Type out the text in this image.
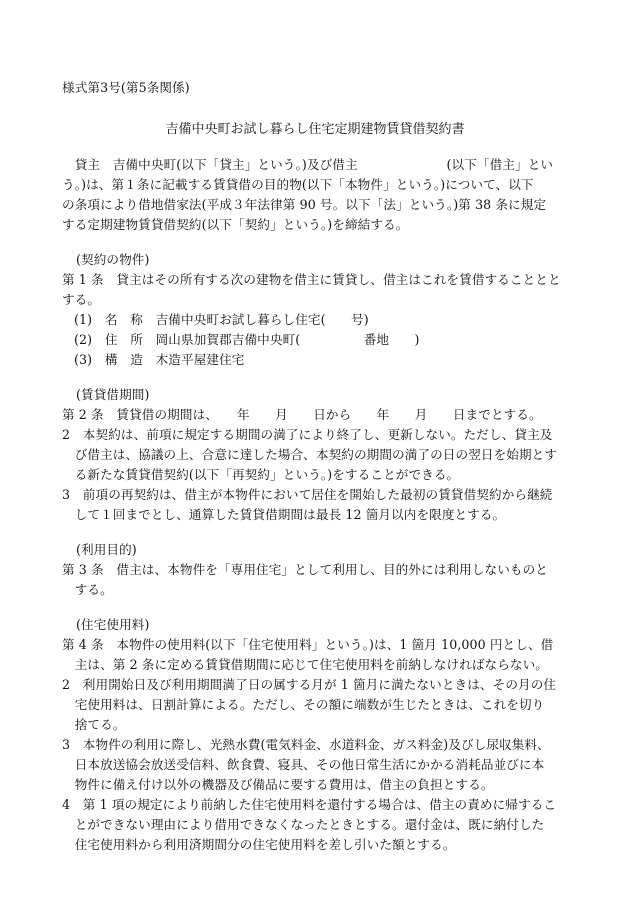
様式第3号(第5条関係)
吉備中央町お試し暮らし住宅定期建物賃貸借契約書
　貸主　吉備中央町(以下「貸主」という。)及び借主　　　　　　　(以下「借主」とい
う。)は、第１条に記載する賃貸借の目的物(以下「本物件」という。)について、以下
の条項により借地借家法(平成３年法律第 90 号。以下「法」という。)第 38 条に規定
する定期建物賃貸借契約(以下「契約」という。)を締結する。
(契約の物件)
第 1 条　貸主はその所有する次の建物を借主に賃貸し、借主はこれを賃借することとと
する。
(1)　名　称　吉備中央町お試し暮らし住宅(　　号)
(2)　住　所　岡山県加賀郡吉備中央町(　　　　　番地　　)
(3)　構　造　木造平屋建住宅
(賃貸借期間)
第 2 条　賃貸借の期間は、　　年　　月　　日から　　年　　月　　日までとする。
2　本契約は、前項に規定する期間の満了により終了し、更新しない。ただし、貸主及
　び借主は、協議の上、合意に達した場合、本契約の期間の満了の日の翌日を始期とす
　る新たな賃貸借契約(以下「再契約」という。)をすることができる。
3　前項の再契約は、借主が本物件において居住を開始した最初の賃貸借契約から継続
　して１回までとし、通算した賃貸借期間は最長 12 箇月以内を限度とする。
(利用目的)
第 3 条　借主は、本物件を「専用住宅」として利用し、目的外には利用しないものと
　する。
(住宅使用料)
第 4 条　本物件の使用料(以下「住宅使用料」という。)は、1 箇月 10,000 円とし、借
　主は、第 2 条に定める賃貸借期間に応じて住宅使用料を前納しなければならない。
2　利用開始日及び利用期間満了日の属する月が 1 箇月に満たないときは、その月の住
　宅使用料は、日割計算による。ただし、その額に端数が生じたときは、これを切り
　捨てる。
3　本物件の利用に際し、光熱水費(電気料金、水道料金、ガス料金)及びし尿収集料、
　日本放送協会放送受信料、飲食費、寝具、その他日常生活にかかる消耗品並びに本
　物件に備え付け以外の機器及び備品に要する費用は、借主の負担とする。
4　第 1 項の規定により前納した住宅使用料を還付する場合は、借主の責めに帰するこ
　とができない理由により借用できなくなったときとする。還付金は、既に納付した
　住宅使用料から利用済期間分の住宅使用料を差し引いた額とする。
